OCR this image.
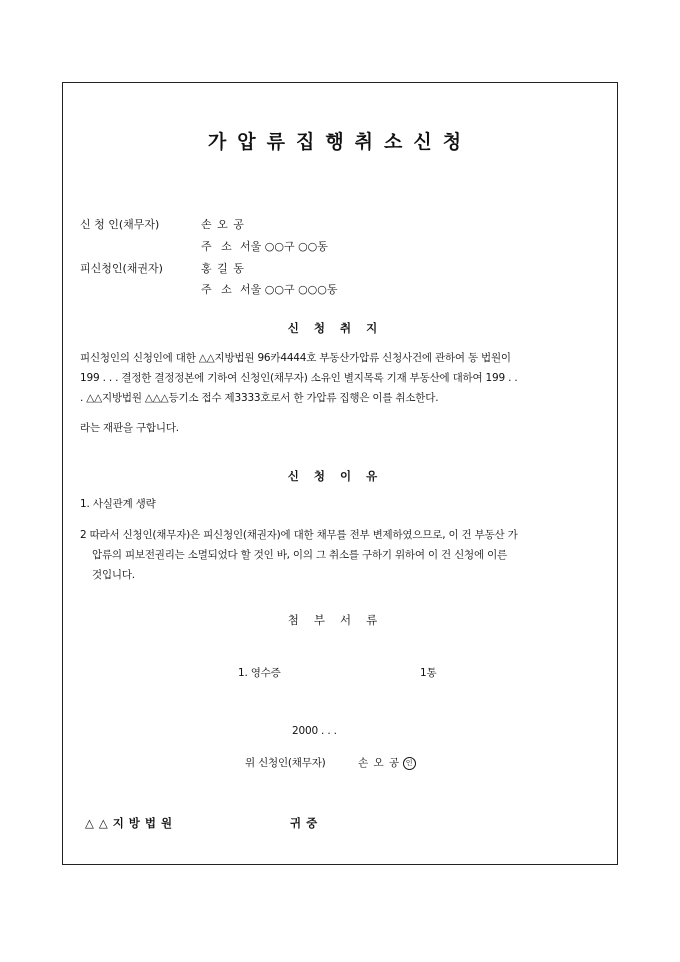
가압류집행취소신청
신 청 인(채무자)	손 오 공
주 소 서울 ○○구 ○○동
피신청인(채권자)	홍 길 동
주 소 서울 ○○구 ○○○동
신청취지
피신청인의 신청인에 대한 △△지방법원 96카4444호 부동산가압류 신청사건에 관하여 동 법원이
199 . . . 결정한 결정정본에 기하여 신청인(채무자) 소유인 별지목록 기재 부동산에 대하여 199 . .
. △△지방법원 △△△등기소 접수 제3333호로서 한 가압류 집행은 이를 취소한다.
라는 재판을 구합니다.
신청이유
1. 사실관계 생략
2 따라서 신청인(채무자)은 피신청인(채권자)에 대한 채무를 전부 변제하였으므로, 이 건 부동산 가
압류의 피보전권리는 소멸되었다 할 것인 바, 이의 그 취소를 구하기 위하여 이 건 신청에 이른
것입니다.
첨부서류
1. 영수증	1통
2000 . . .
위 신청인(채무자)	손 오 공 인
△△지방법원	귀중
